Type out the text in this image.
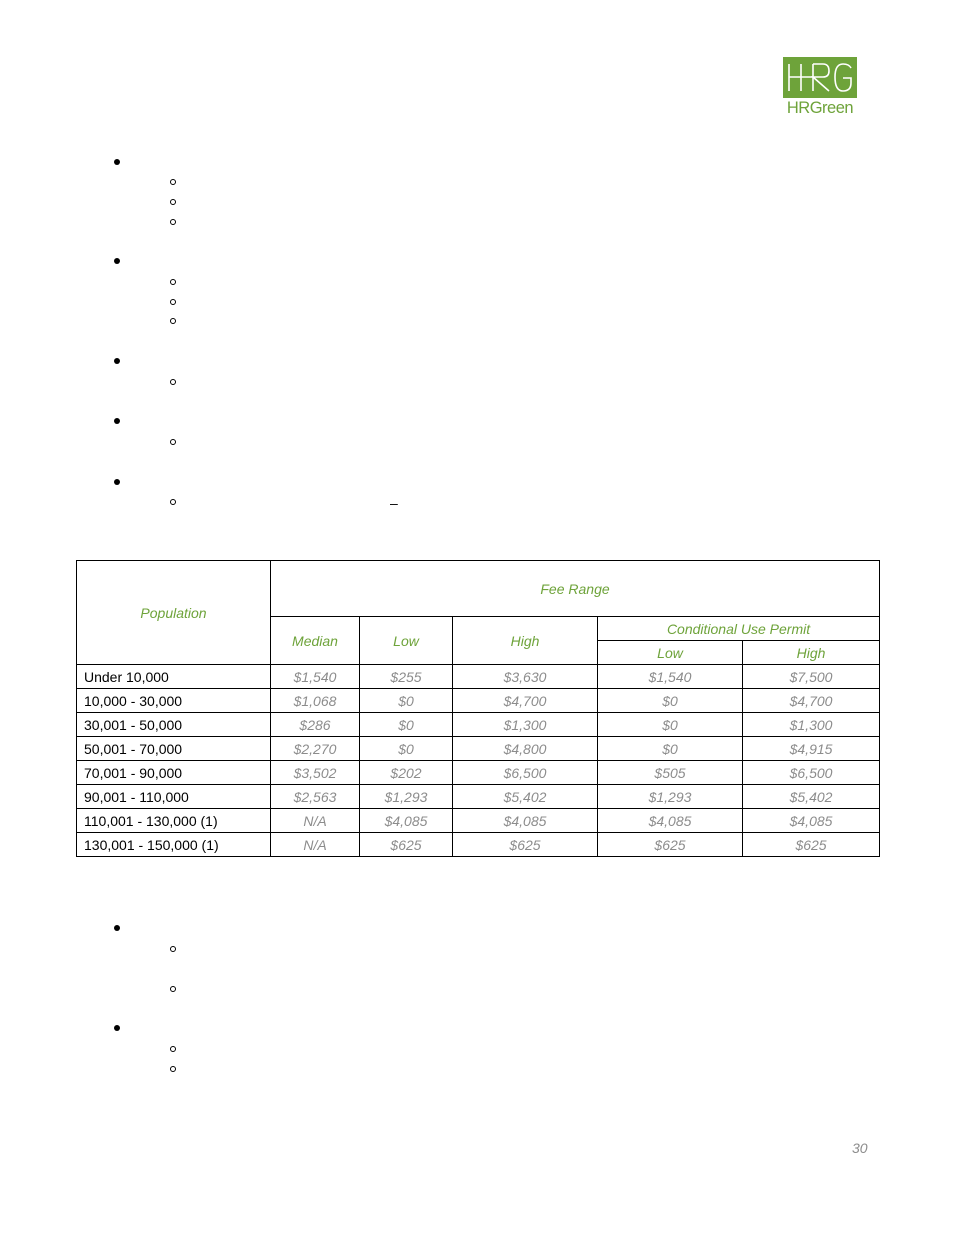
HRGreen
–
Population	Fee Range				
	Median	Low	High	Conditional Use Permit	
				Low	High
Under 10,000	$1,540	$255	$3,630	$1,540	$7,500
10,000 - 30,000	$1,068	$0	$4,700	$0	$4,700
30,001 - 50,000	$286	$0	$1,300	$0	$1,300
50,001 - 70,000	$2,270	$0	$4,800	$0	$4,915
70,001 - 90,000	$3,502	$202	$6,500	$505	$6,500
90,001 - 110,000	$2,563	$1,293	$5,402	$1,293	$5,402
110,001 - 130,000 (1)	N/A	$4,085	$4,085	$4,085	$4,085
130,001 - 150,000 (1)	N/A	$625	$625	$625	$625
30
